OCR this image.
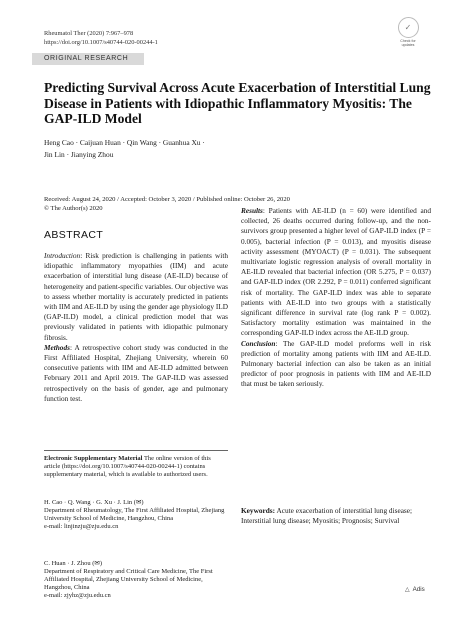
Rheumatol Ther (2020) 7:967–978
https://doi.org/10.1007/s40744-020-00244-1
✓
Check for
updates
ORIGINAL RESEARCH
Predicting Survival Across Acute Exacerbation of Interstitial Lung Disease in Patients with Idiopathic Inflammatory Myositis: The GAP-ILD Model
Heng Cao · Caijuan Huan · Qin Wang · Guanhua Xu ·
Jin Lin · Jianying Zhou
Received: August 24, 2020 / Accepted: October 3, 2020 / Published online: October 26, 2020
© The Author(s) 2020
ABSTRACT

Introduction: Risk prediction is challenging in patients with idiopathic inflammatory myopathies (IIM) and acute exacerbation of interstitial lung disease (AE-ILD) because of heterogeneity and patient-specific variables. Our objective was to assess whether mortality is accurately predicted in patients with IIM and AE-ILD by using the gender age physiology ILD (GAP-ILD) model, a clinical prediction model that was previously validated in patients with idiopathic pulmonary fibrosis.

Methods: A retrospective cohort study was conducted in the First Affiliated Hospital, Zhejiang University, wherein 60 consecutive patients with IIM and AE-ILD admitted between February 2011 and April 2019. The GAP-ILD was assessed retrospectively on the basis of gender, age and pulmonary function test.

Electronic Supplementary Material The online version of this article (https://doi.org/10.1007/s40744-020-00244-1) contains supplementary material, which is available to authorized users.
H. Cao · Q. Wang · G. Xu · J. Lin (✉)
Department of Rheumatology, The First Affiliated Hospital, Zhejiang University School of Medicine, Hangzhou, China
e-mail: linjinzju@zju.edu.cn
C. Huan · J. Zhou (✉)
Department of Respiratory and Critical Care Medicine, The First Affiliated Hospital, Zhejiang University School of Medicine, Hangzhou, China
e-mail: zjyhz@zju.edu.cn

Results: Patients with AE-ILD (n = 60) were identified and collected, 26 deaths occurred during follow-up, and the non-survivors group presented a higher level of GAP-ILD index (P = 0.005), bacterial infection (P = 0.013), and myositis disease activity assessment (MYOACT) (P = 0.031). The subsequent multivariate logistic regression analysis of overall mortality in AE-ILD revealed that bacterial infection (OR 5.275, P = 0.037) and GAP-ILD index (OR 2.292, P = 0.011) conferred significant risk of mortality. The GAP-ILD index was able to separate patients with AE-ILD into two groups with a statistically significant difference in survival rate (log rank P = 0.002). Satisfactory mortality estimation was maintained in the corresponding GAP-ILD index across the AE-ILD group.

Conclusion: The GAP-ILD model preforms well in risk prediction of mortality among patients with IIM and AE-ILD. Pulmonary bacterial infection can also be taken as an initial predictor of poor prognosis in patients with IIM and AE-ILD that must be taken seriously.

Keywords: Acute exacerbation of interstitial lung disease; Interstitial lung disease; Myositis; Prognosis; Survival
△ Adis
